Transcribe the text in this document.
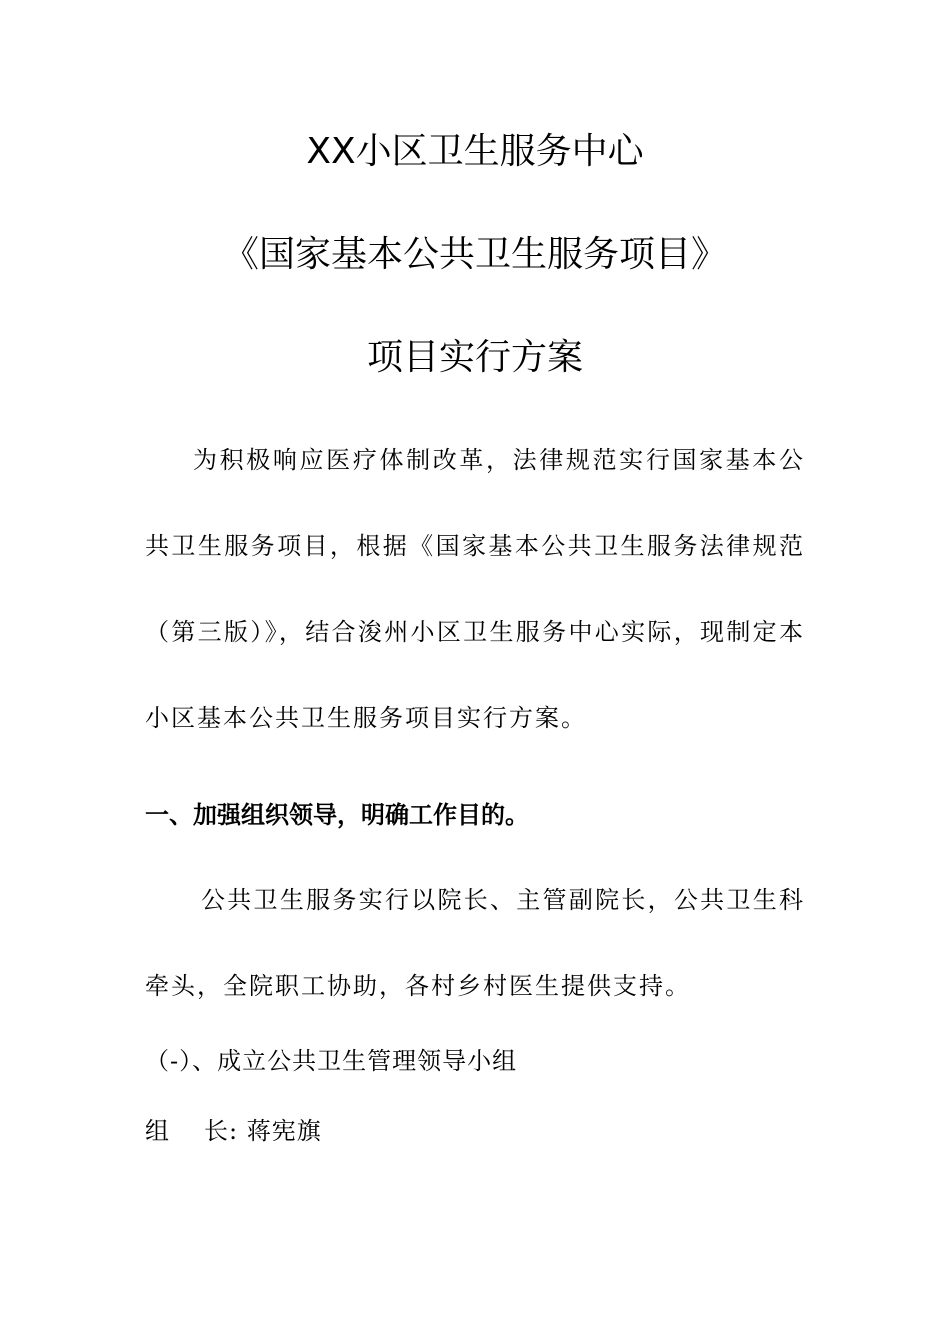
XX小区卫生服务中心
《国家基本公共卫生服务项目》
项目实行方案
为积极响应医疗体制改革，法律规范实行国家基本公共卫生服务项目，根据《国家基本公共卫生服务法律规范（第三版）》，结合浚州小区卫生服务中心实际，现制定本小区基本公共卫生服务项目实行方案。
一、加强组织领导，明确工作目的。
公共卫生服务实行以院长、主管副院长，公共卫生科牵头，全院职工协助，各村乡村医生提供支持。
（-）、成立公共卫生管理领导小组
组 长: 蒋宪旗
